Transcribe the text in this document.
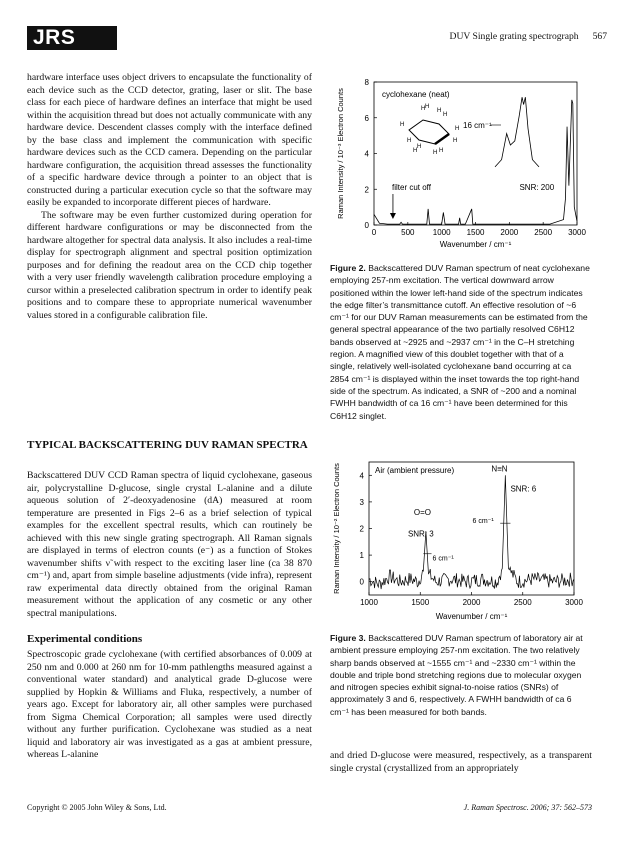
JRS	DUV Single grating spectrograph 567

hardware interface uses object drivers to encapsulate the functionality of each device such as the CCD detector, grating, laser or slit. The base class for each piece of hardware defines an interface that might be used within the acquisition thread but does not actually communicate with any hardware device. Descendent classes comply with the interface defined by the base class and implement the communication with specific hardware devices such as the CCD camera. Depending on the particular hardware configuration, the acquisition thread assesses the functionality of a specific hardware device through a pointer to an object that is constructed during a particular execution cycle so that the software may easily be expanded to incorporate different pieces of hardware.

The software may be even further customized during operation for different hardware configurations or may be disconnected from the hardware altogether for spectral data analysis. It also includes a real-time display for spectrograph alignment and spectral position optimization purposes and for defining the readout area on the CCD chip together with a very user friendly wavelength calibration procedure employing a cursor within a preselected calibration spectrum in order to identify peak positions and to compare these to appropriate numerical wavenumber values stored in a configurable calibration file.

TYPICAL BACKSCATTERING DUV RAMAN SPECTRA

Backscattered DUV CCD Raman spectra of liquid cyclohexane, gaseous air, polycrystalline D-glucose, single crystal L-alanine and a dilute aqueous solution of 2′-deoxyadenosine (dA) measured at room temperature are presented in Figs 2–6 as a brief selection of typical examples for the excellent spectral results, which can routinely be achieved with this new single grating spectrograph. All Raman signals are displayed in terms of electron counts (e⁻) as a function of Stokes wavenumber shifts ν̃ with respect to the exciting laser line (ca 38 870 cm⁻¹) and, apart from simple baseline adjustments (vide infra), represent raw experimental data directly obtained from the original Raman measurement without the application of any cosmetic or any other spectral manipulations.

Experimental conditions

Spectroscopic grade cyclohexane (with certified absorbances of 0.009 at 250 nm and 0.000 at 260 nm for 10-mm pathlengths measured against a conventional water standard) and analytical grade D-glucose were supplied by Hopkin & Williams and Fluka, respectively, a number of years ago. Except for laboratory air, all other samples were purchased from Sigma Chemical Corporation; all samples were used directly without any further purification. Cyclohexane was studied as a neat liquid and laboratory air was investigated as a gas at ambient pressure, whereas L-alanine

0	500 1000 1500 2000 2500 3000
0
2
4
6
8
Wavenumber / cm⁻¹
Raman Intensity / 10⁻³ Electron Counts	cyclohexane (neat)
filter cut off	SNR: 200
16 cm⁻¹
H
H
H H
H
H
H
H
H H
H
H
Figure 2. Backscattered DUV Raman spectrum of neat cyclohexane employing 257-nm excitation. The vertical downward arrow positioned within the lower left-hand side of the spectrum indicates the edge filter’s transmittance cutoff. An effective resolution of ~6 cm⁻¹ for our DUV Raman measurements can be estimated from the general spectral appearance of the two partially resolved C6H12 bands observed at ~2925 and ~2937 cm⁻¹ in the C–H stretching region. A magnified view of this doublet together with that of a single, relatively well-isolated cyclohexane band occurring at ca 2854 cm⁻¹ is displayed within the inset towards the top right-hand side of the spectrum. As indicated, a SNR of ~200 and a nominal FWHH bandwidth of ca 16 cm⁻¹ have been determined for this C6H12 singlet.
1000	1500	2000	2500	3000
0
1
2
3
4
Wavenumber / cm⁻¹
Raman Intensity / 10⁻² Electron Counts	Air (ambient pressure)
O=O
SNR: 3
6 cm⁻¹
N≡N
SNR: 6
6 cm⁻¹
Figure 3. Backscattered DUV Raman spectrum of laboratory air at ambient pressure employing 257-nm excitation. The two relatively sharp bands observed at ~1555 cm⁻¹ and ~2330 cm⁻¹ within the double and triple bond stretching regions due to molecular oxygen and nitrogen species exhibit signal-to-noise ratios (SNRs) of approximately 3 and 6, respectively. A FWHH bandwidth of ca 6 cm⁻¹ has been measured for both bands.
and dried D-glucose were measured, respectively, as a transparent single crystal (crystallized from an appropriately
Copyright © 2005 John Wiley & Sons, Ltd.	J. Raman Spectrosc. 2006; 37: 562–573
